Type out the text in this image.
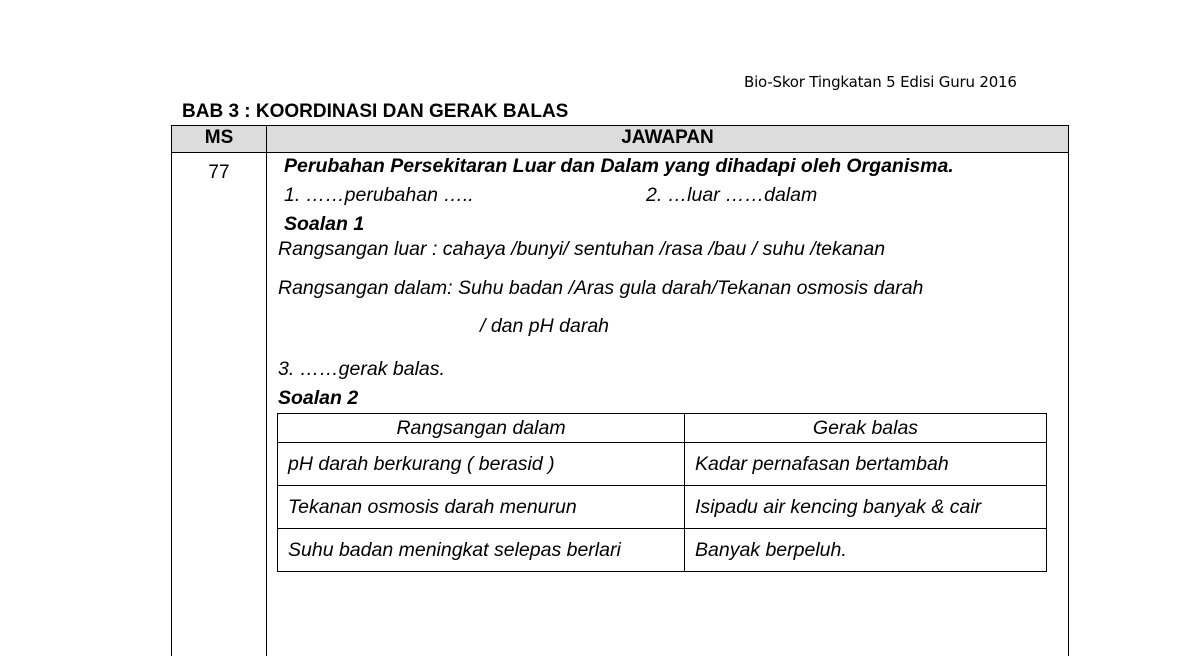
Bio-Skor Tingkatan 5 Edisi Guru 2016
BAB 3 : KOORDINASI DAN GERAK BALAS
MS	JAWAPAN
77	Perubahan Persekitaran Luar dan Dalam yang dihadapi oleh Organisma.
1. ……perubahan …..	2. …luar ……dalam
Soalan 1
Rangsangan luar : cahaya /bunyi/ sentuhan /rasa /bau / suhu /tekanan
Rangsangan dalam: Suhu badan /Aras gula darah/Tekanan osmosis darah
/ dan pH darah
3. ……gerak balas.
Soalan 2
Rangsangan dalam	Gerak balas
pH darah berkurang ( berasid )	Kadar pernafasan bertambah
Tekanan osmosis darah menurun	Isipadu air kencing banyak & cair
Suhu badan meningkat selepas berlari	Banyak berpeluh.
